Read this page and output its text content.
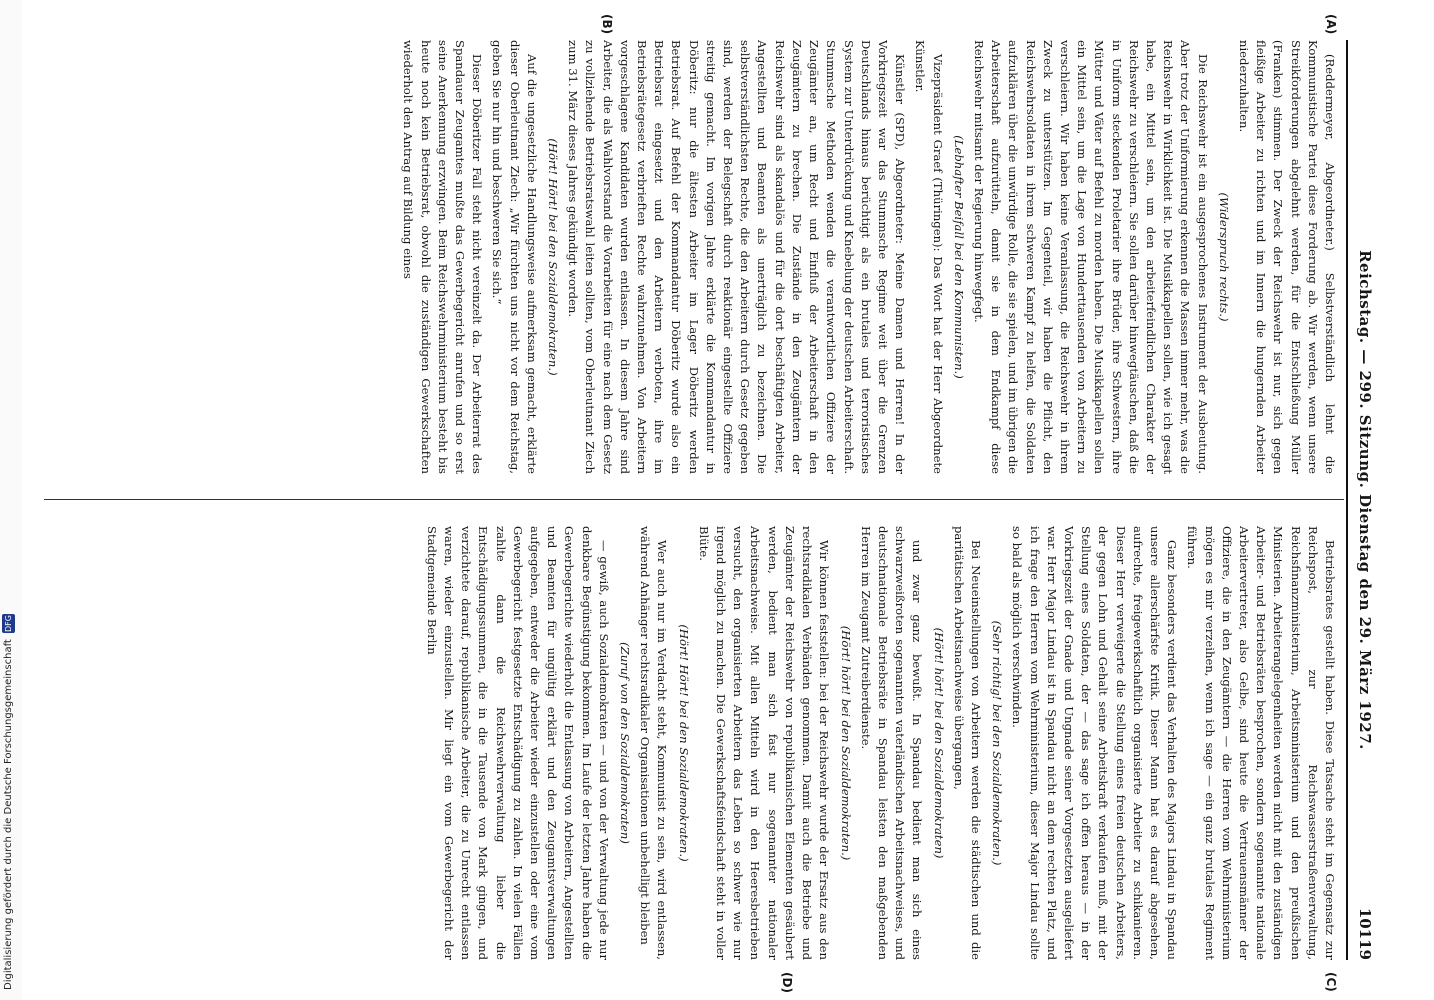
Digitalisierung gefördert durch die Deutsche Forschungsgemeinschaft DFG	Reichstag. — 299. Sitzung. Dienstag den 29. März 1927.
10119
(A)
(B)
(C)
(D)

(Reddermeyer, Abgeordneter.) Selbstverständlich lehnt die Kommunistische Partei diese Forderung ab. Wir werden, wenn unsere Streikforderungen abgelehnt werden, für die Entschließung Müller (Franken) stimmen. Der Zweck der Reichswehr ist nur, sich gegen fleißige Arbeiter zu richten und im Innern die hungernden Arbeiter niederzuhalten.

(Widerspruch rechts.)

Die Reichswehr ist ein ausgesprochenes Instrument der Ausbeutung. Aber trotz der Uniformierung erkennen die Massen immer mehr, was die Reichswehr in Wirklichkeit ist. Die Musikkapellen sollen, wie ich gesagt habe, ein Mittel sein, um den arbeiterfeindlichen Charakter der Reichswehr zu verschleiern. Sie sollen darüber hinwegtäuschen, daß die in Uniform steckenden Proletarier ihre Brüder, ihre Schwestern, ihre Mütter und Väter auf Befehl zu morden haben. Die Musikkapellen sollen ein Mittel sein, um die Lage von Hunderttausenden von Arbeitern zu verschleiern. Wir haben keine Veranlassung, die Reichswehr in ihrem Zweck zu unterstützen. Im Gegenteil, wir haben die Pflicht, den Reichswehrsoldaten in ihrem schweren Kampf zu helfen, die Soldaten aufzuklären über die unwürdige Rolle, die sie spielen, und im übrigen die Arbeiterschaft aufzurütteln, damit sie in dem Endkampf diese Reichswehr mitsamt der Regierung hinwegfegt.

(Lebhafter Beifall bei den Kommunisten.)

Vizepräsident Graef (Thüringen): Das Wort hat der Herr Abgeordnete Künstler.

Künstler (SPD), Abgeordneter: Meine Damen und Herren! In der Vorkriegszeit war das Stummsche Regime weit über die Grenzen Deutschlands hinaus berüchtigt als ein brutales und terroristisches System zur Unterdrückung und Knebelung der deutschen Arbeiterschaft. Stummsche Methoden wenden die verantwortlichen Offiziere der Zeugämter an, um Recht und Einfluß der Arbeiterschaft in den Zeugämtern zu brechen. Die Zustände in den Zeugämtern der Reichswehr sind als skandalös und für die dort beschäftigten Arbeiter, Angestellten und Beamten als unerträglich zu bezeichnen. Die selbstverständlichsten Rechte, die den Arbeitern durch Gesetz gegeben sind, werden der Belegschaft durch reaktionär eingestellte Offiziere streitig gemacht. Im vorigen Jahre erklärte die Kommandantur in Döberitz: nur die ältesten Arbeiter im Lager Döberitz werden Betriebsrat. Auf Befehl der Kommandantur Döberitz wurde also ein Betriebsrat eingesetzt und den Arbeitern verboten, ihre im Betriebsrätegesetz verbrieften Rechte wahrzunehmen. Von Arbeitern vorgeschlagene Kandidaten wurden entlassen. In diesem Jahre sind Arbeiter, die als Wahlvorstand die Vorarbeiten für eine nach dem Gesetz zu vollziehende Betriebsratswahl leiten sollten, vom Oberleutnant Ziech zum 31. März dieses Jahres gekündigt worden.

(Hört! Hört! bei den Sozialdemokraten.)

Auf die ungesetzliche Handlungsweise aufmerksam gemacht, erklärte dieser Oberleutnant Ziech: „Wir fürchten uns nicht vor dem Reichstag, geben Sie nur hin und beschweren Sie sich.“

Dieser Döberitzer Fall steht nicht vereinzelt da. Der Arbeiterrat des Spandauer Zeugamtes mußte das Gewerbegericht anrufen und so erst seine Anerkennung erzwingen. Beim Reichswehrministerium besteht bis heute noch kein Betriebsrat, obwohl die zuständigen Gewerkschaften wiederholt den Antrag auf Bildung eines

Betriebsrates gestellt haben. Diese Tatsache steht im Gegensatz zur Reichspost, zur Reichswasserstraßenverwaltung, Reichsfinanzministerium, Arbeitsministerium und den preußischen Ministerien. Arbeiterangelegenheiten werden nicht mit den zuständigen Arbeiter- und Betriebsräten besprochen, sondern sogenannte nationale Arbeitervertreter, also Gelbe, sind heute die Vertrauensmänner der Offiziere, die in den Zeugämtern — die Herren vom Wehrministerium mögen es mir verzeihen, wenn ich sage — ein ganz brutales Regiment führen.

Ganz besonders verdient das Verhalten des Majors Lindau in Spandau unsere allerschärfste Kritik. Dieser Mann hat es darauf abgesehen, aufrechte, freigewerkschaftlich organisierte Arbeiter zu schikanieren. Dieser Herr verweigerte die Stellung eines freien deutschen Arbeiters, der gegen Lohn und Gehalt seine Arbeitskraft verkaufen muß, mit der Stellung eines Soldaten, der — das sage ich offen heraus — in der Vorkriegszeit der Gnade und Ungnade seiner Vorgesetzten ausgeliefert war. Herr Major Lindau ist in Spandau nicht an dem rechten Platz, und ich frage den Herren vom Wehrministerium, dieser Major Lindau sollte so bald als möglich verschwinden.

(Sehr richtig! bei den Sozialdemokraten.)

Bei Neueinstellungen von Arbeitern werden die städtischen und die paritätischen Arbeitsnachweise übergangen,

(Hört! hört! bei den Sozialdemokraten)

und zwar ganz bewußt. In Spandau bedient man sich eines schwarzweißroten sogenannten vaterländischen Arbeitsnachweises, und deutschnationale Betriebsräte in Spandau leisten den maßgebenden Herren im Zeugamt Zutreiberdienste.

(Hört! hört! bei den Sozialdemokraten.)

Wir können feststellen: bei der Reichswehr wurde der Ersatz aus den rechtsradikalen Verbänden genommen. Damit auch die Betriebe und Zeugämter der Reichswehr von republikanischen Elementen gesäubert werden, bedient man sich fast nur sogenannter nationaler Arbeitsnachweise. Mit allen Mitteln wird in den Heeresbetrieben versucht, den organisierten Arbeitern das Leben so schwer wie nur irgend möglich zu machen. Die Gewerkschaftsfeindschaft steht in voller Blüte.

(Hört! Hört! bei den Sozialdemokraten.)

Wer auch nur im Verdacht steht, Kommunist zu sein, wird entlassen, während Anhänger rechtsradikaler Organisationen unbehelligt bleiben

(Zuruf von den Sozialdemokraten)

— gewiß, auch Sozialdemokraten — und von der Verwaltung jede nur denkbare Begünstigung bekommen. Im Laufe der letzten Jahre haben die Gewerbegerichte wiederholt die Entlassung von Arbeitern, Angestellten und Beamten für ungültig erklärt und den Zeugamtsverwaltungen aufgegeben, entweder die Arbeiter wieder einzustellen oder eine vom Gewerbegericht festgesetzte Entschädigung zu zahlen. In vielen Fällen zahlte dann die Reichswehrverwaltung lieber die Entschädigungssummen, die in die Tausende von Mark gingen, und verzichtete darauf, republikanische Arbeiter, die zu Unrecht entlassen waren, wieder einzustellen. Mir liegt ein vom Gewerbegericht der Stadtgemeinde Berlin
